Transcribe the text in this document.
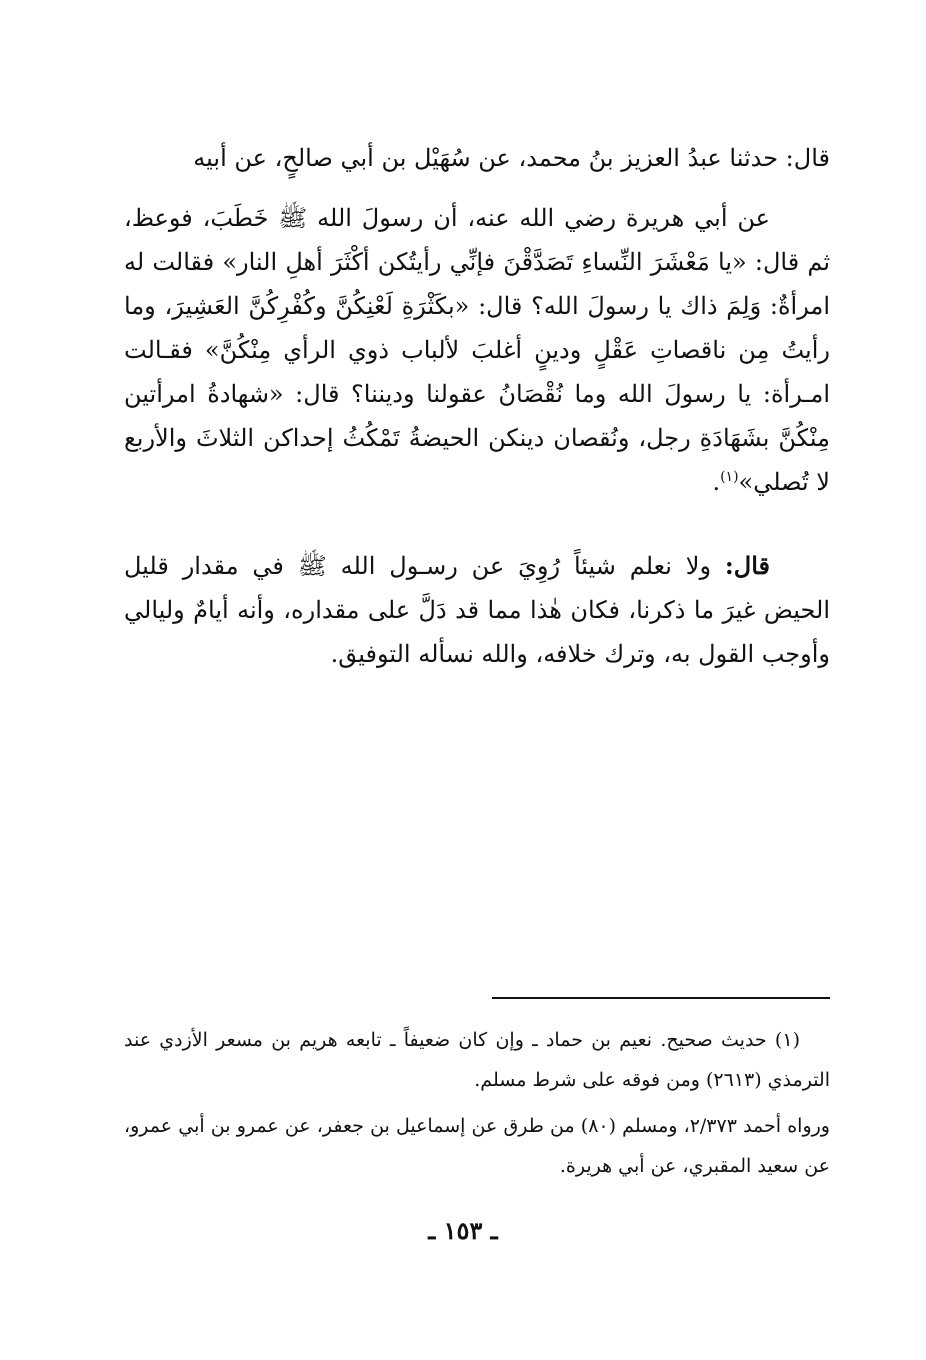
قال: حدثنا عبدُ العزيز بنُ محمد، عن سُهَيْل بن أبي صالحٍ، عن أبيه

عن أبي هريرة رضي الله عنه، أن رسولَ الله ﷺ خَطَبَ، فوعظ، ثم قال: «يا مَعْشَرَ النِّساءِ تَصَدَّقْنَ فإنِّي رأيتُكن أكْثَرَ أهلِ النار» فقالت له امرأةٌ: وَلِمَ ذاك يا رسولَ الله؟ قال: «بكَثْرَةِ لَعْنِكُنَّ وكُفْرِكُنَّ العَشِيرَ، وما رأيتُ مِن ناقصاتِ عَقْلٍ ودينٍ أغلبَ لألباب ذوي الرأي مِنْكُنَّ» فقـالت امـرأة: يا رسولَ الله وما نُقْصَانُ عقولنا وديننا؟ قال: «شهادةُ امرأتين مِنْكُنَّ بشَهَادَةِ رجل، ونُقصان دينكن الحيضةُ تَمْكُثُ إحداكن الثلاثَ والأربع لا تُصلي»$^{(١)}$.

قال: ولا نعلم شيئاً رُوِيَ عن رسـول الله ﷺ في مقدار قليل الحيض غيرَ ما ذكرنا، فكان هٰذا مما قد دَلَّ على مقداره، وأنه أيامٌ وليالي وأوجب القول به، وترك خلافه، والله نسأله التوفيق.

(١) حديث صحيح. نعيم بن حماد ـ وإن كان ضعيفاً ـ تابعه هريم بن مسعر الأزدي عند الترمذي (٢٦١٣) ومن فوقه على شرط مسلم.

ورواه أحمد ٢/٣٧٣، ومسلم (٨٠) من طرق عن إسماعيل بن جعفر، عن عمرو بن أبي عمرو، عن سعيد المقبري، عن أبي هريرة.

ـ ١٥٣ ـ
